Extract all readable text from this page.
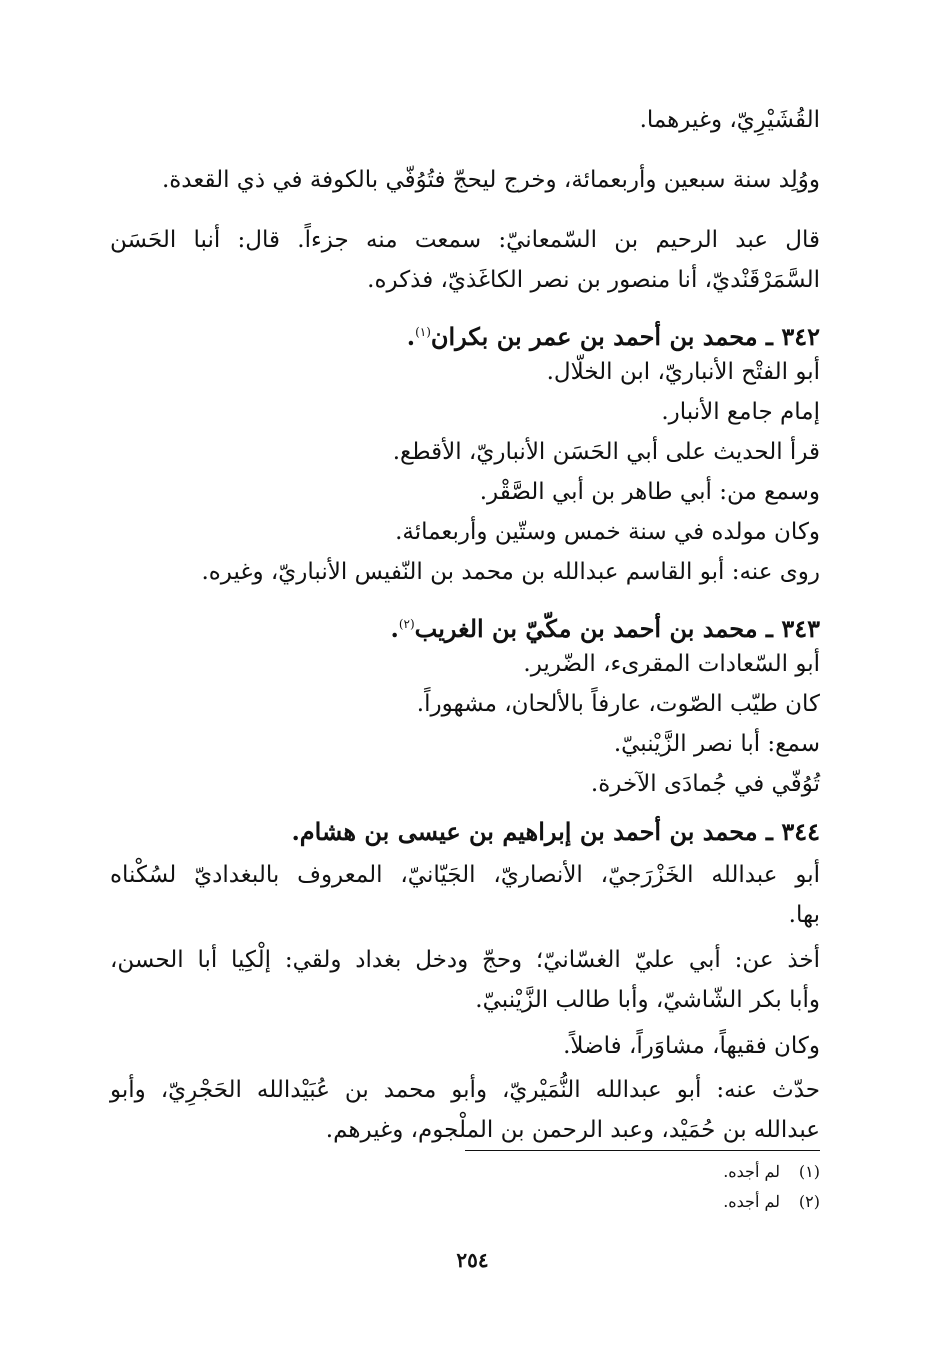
القُشَيْرِيّ، وغيرهما.

ووُلِد سنة سبعين وأربعمائة، وخرج ليحجّ فتُوُفّي بالكوفة في ذي القعدة.

قال عبد الرحيم بن السّمعانيّ: سمعت منه جزءاً. قال: أنبا الحَسَن

السَّمَرْقَنْديّ، أنا منصور بن نصر الكاغَذيّ، فذكره.

٣٤٢ ـ محمد بن أحمد بن عمر بن بكران$^{(١)}$.

أبو الفتْح الأنباريّ، ابن الخلّال.

إمام جامع الأنبار.

قرأ الحديث على أبي الحَسَن الأنباريّ، الأقطع.

وسمع من: أبي طاهر بن أبي الصَّقْر.

وكان مولده في سنة خمس وستّين وأربعمائة.

روى عنه: أبو القاسم عبدالله بن محمد بن النّفيس الأنباريّ، وغيره.

٣٤٣ ـ محمد بن أحمد بن مكّيّ بن الغريب$^{(٢)}$.

أبو السّعادات المقرىء، الضّرير.

كان طيّب الصّوت، عارفاً بالألحان، مشهوراً.

سمع: أبا نصر الزَّيْنبيّ.

تُوُفّي في جُمادَى الآخرة.

٣٤٤ ـ محمد بن أحمد بن إبراهيم بن عيسى بن هشام.

أبو عبدالله الخَزْرَجيّ، الأنصاريّ، الجَيّانيّ، المعروف بالبغداديّ لسُكْناه

بها.

أخذ عن: أبي عليّ الغسّانيّ؛ وحجّ ودخل بغداد ولقي: إلْكِيا أبا الحسن،

وأبا بكر الشّاشيّ، وأبا طالب الزَّيْنبيّ.

وكان فقيهاً، مشاوَراً، فاضلاً.

حدّث عنه: أبو عبدالله النُّمَيْريّ، وأبو محمد بن عُبَيْدالله الحَجْرِيّ، وأبو

عبدالله بن حُمَيْد، وعبد الرحمن بن الملْجوم، وغيرهم.

(١)لم أجده.

(٢)لم أجده.

٢٥٤
